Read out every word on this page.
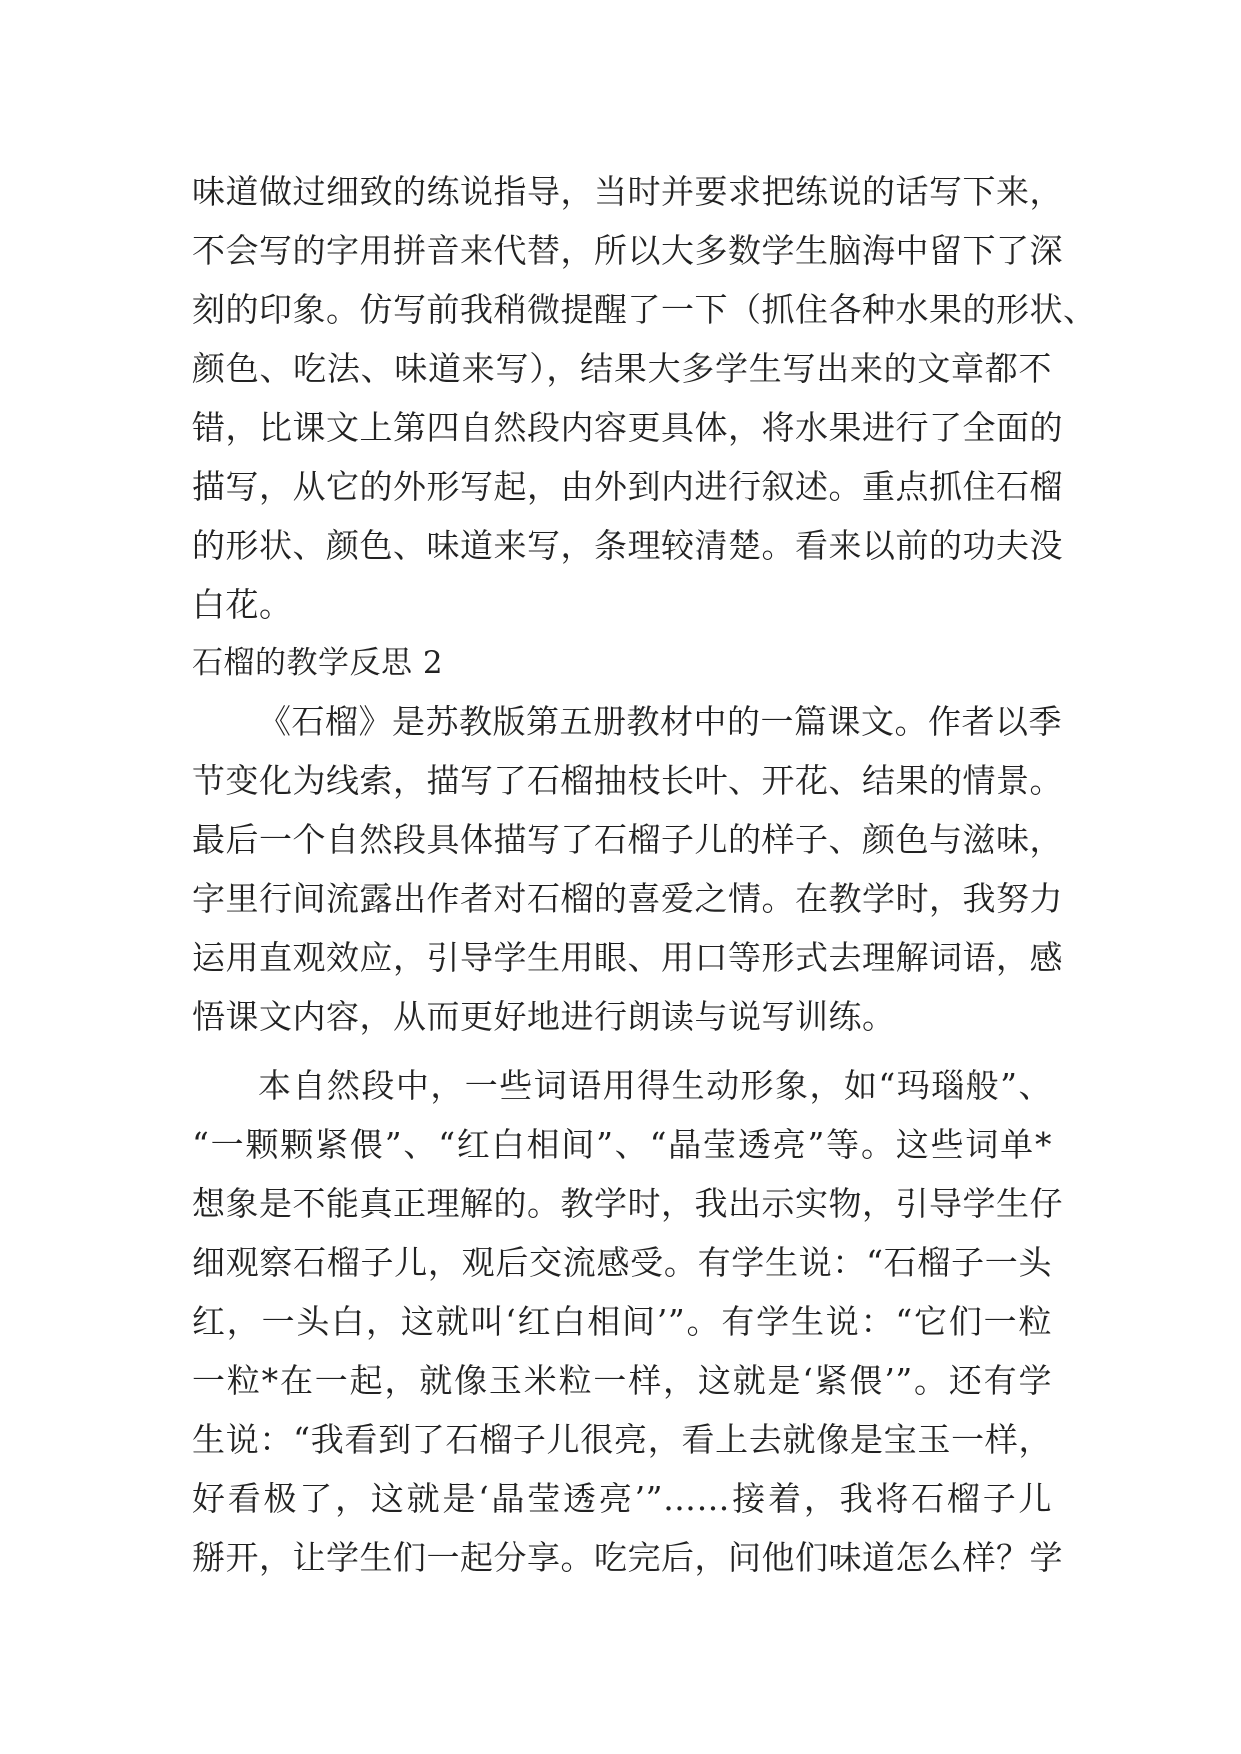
味道做过细致的练说指导，当时并要求把练说的话写下来，
不会写的字用拼音来代替，所以大多数学生脑海中留下了深
刻的印象。仿写前我稍微提醒了一下（抓住各种水果的形状、
颜色、吃法、味道来写），结果大多学生写出来的文章都不
错，比课文上第四自然段内容更具体，将水果进行了全面的
描写，从它的外形写起，由外到内进行叙述。重点抓住石榴
的形状、颜色、味道来写，条理较清楚。看来以前的功夫没
白花。
石榴的教学反思 2
《石榴》是苏教版第五册教材中的一篇课文。作者以季
节变化为线索，描写了石榴抽枝长叶、开花、结果的情景。
最后一个自然段具体描写了石榴子儿的样子、颜色与滋味，
字里行间流露出作者对石榴的喜爱之情。在教学时，我努力
运用直观效应，引导学生用眼、用口等形式去理解词语，感
悟课文内容，从而更好地进行朗读与说写训练。
本自然段中，一些词语用得生动形象，如“玛瑙般”、
“一颗颗紧偎”、“红白相间”、“晶莹透亮”等。这些词单*
想象是不能真正理解的。教学时，我出示实物，引导学生仔
细观察石榴子儿，观后交流感受。有学生说：“石榴子一头
红，一头白，这就叫‘红白相间’”。有学生说：“它们一粒
一粒*在一起，就像玉米粒一样，这就是‘紧偎’”。还有学
生说：“我看到了石榴子儿很亮，看上去就像是宝玉一样，
好看极了，这就是‘晶莹透亮’”……接着，我将石榴子儿
掰开，让学生们一起分享。吃完后，问他们味道怎么样？学
